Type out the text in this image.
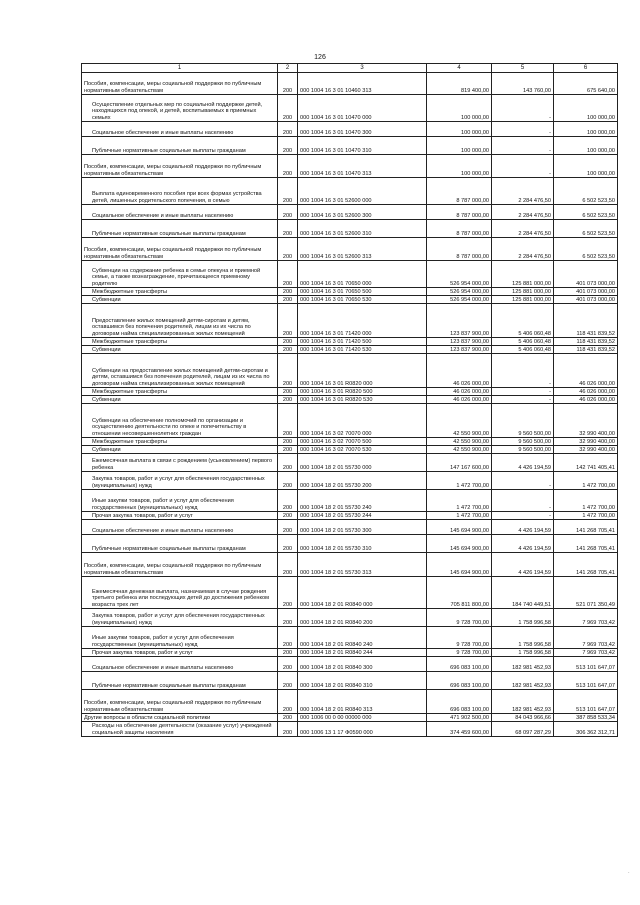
126
1	2	3	4	5	6
Пособия, компенсации, меры социальной поддержки по публичным нормативным обязательствам	200	000 1004 16 3 01 10460 313	819 400,00	143 760,00	675 640,00
Осуществление отдельных мер по социальной поддержке детей, находящихся под опекой, и детей, воспитываемых в приемных семьях	200	000 1004 16 3 01 10470 000	100 000,00	-	100 000,00
Социальное обеспечение и иные выплаты населению	200	000 1004 16 3 01 10470 300	100 000,00	-	100 000,00
Публичные нормативные социальные выплаты гражданам	200	000 1004 16 3 01 10470 310	100 000,00	-	100 000,00
Пособия, компенсации, меры социальной поддержки по публичным нормативным обязательствам	200	000 1004 16 3 01 10470 313	100 000,00	-	100 000,00
Выплата единовременного пособия при всех формах устройства детей, лишенных родительского попечения, в семью	200	000 1004 16 3 01 52600 000	8 787 000,00	2 284 476,50	6 502 523,50
Социальное обеспечение и иные выплаты населению	200	000 1004 16 3 01 52600 300	8 787 000,00	2 284 476,50	6 502 523,50
Публичные нормативные социальные выплаты гражданам	200	000 1004 16 3 01 52600 310	8 787 000,00	2 284 476,50	6 502 523,50
Пособия, компенсации, меры социальной поддержки по публичным нормативным обязательствам	200	000 1004 16 3 01 52600 313	8 787 000,00	2 284 476,50	6 502 523,50
Субвенции на содержание ребенка в семье опекуна и приемной семье, а также вознаграждение, причитающееся приемному родителю	200	000 1004 16 3 01 70650 000	526 954 000,00	125 881 000,00	401 073 000,00
Межбюджетные трансферты	200	000 1004 16 3 01 70650 500	526 954 000,00	125 881 000,00	401 073 000,00
Субвенции	200	000 1004 16 3 01 70650 530	526 954 000,00	125 881 000,00	401 073 000,00
Предоставление жилых помещений детям-сиротам и детям, оставшимся без попечения родителей, лицам из их числа по договорам найма специализированных жилых помещений	200	000 1004 16 3 01 71420 000	123 837 900,00	5 406 060,48	118 431 839,52
Межбюджетные трансферты	200	000 1004 16 3 01 71420 500	123 837 900,00	5 406 060,48	118 431 839,52
Субвенции	200	000 1004 16 3 01 71420 530	123 837 900,00	5 406 060,48	118 431 839,52
Субвенции на предоставление жилых помещений детям-сиротам и детям, оставшимся без попечения родителей, лицам из их числа по договорам найма специализированных жилых помещений	200	000 1004 16 3 01 R0820 000	46 026 000,00	-	46 026 000,00
Межбюджетные трансферты	200	000 1004 16 3 01 R0820 500	46 026 000,00	-	46 026 000,00
Субвенции	200	000 1004 16 3 01 R0820 530	46 026 000,00	-	46 026 000,00
Субвенции на обеспечение полномочий по организации и осуществлению деятельности по опеке и попечительству в отношении несовершеннолетних граждан	200	000 1004 16 3 02 70070 000	42 550 900,00	9 560 500,00	32 990 400,00
Межбюджетные трансферты	200	000 1004 16 3 02 70070 500	42 550 900,00	9 560 500,00	32 990 400,00
Субвенции	200	000 1004 16 3 02 70070 530	42 550 900,00	9 560 500,00	32 990 400,00
Ежемесячная выплата в связи с рождением (усыновлением) первого ребенка	200	000 1004 18 2 01 55730 000	147 167 600,00	4 426 194,59	142 741 405,41
Закупка товаров, работ и услуг для обеспечения государственных (муниципальных) нужд	200	000 1004 18 2 01 55730 200	1 472 700,00	-	1 472 700,00
Иные закупки товаров, работ и услуг для обеспечения государственных (муниципальных) нужд	200	000 1004 18 2 01 55730 240	1 472 700,00	-	1 472 700,00
Прочая закупка товаров, работ и услуг	200	000 1004 18 2 01 55730 244	1 472 700,00	-	1 472 700,00
Социальное обеспечение и иные выплаты населению	200	000 1004 18 2 01 55730 300	145 694 900,00	4 426 194,59	141 268 705,41
Публичные нормативные социальные выплаты гражданам	200	000 1004 18 2 01 55730 310	145 694 900,00	4 426 194,59	141 268 705,41
Пособия, компенсации, меры социальной поддержки по публичным нормативным обязательствам	200	000 1004 18 2 01 55730 313	145 694 900,00	4 426 194,59	141 268 705,41
Ежемесячная денежная выплата, назначаемая в случае рождения третьего ребенка или последующих детей до достижения ребенком возраста трех лет	200	000 1004 18 2 01 R0840 000	705 811 800,00	184 740 449,51	521 071 350,49
Закупка товаров, работ и услуг для обеспечения государственных (муниципальных) нужд	200	000 1004 18 2 01 R0840 200	9 728 700,00	1 758 996,58	7 969 703,42
Иные закупки товаров, работ и услуг для обеспечения государственных (муниципальных) нужд	200	000 1004 18 2 01 R0840 240	9 728 700,00	1 758 996,58	7 969 703,42
Прочая закупка товаров, работ и услуг	200	000 1004 18 2 01 R0840 244	9 728 700,00	1 758 996,58	7 969 703,42
Социальное обеспечение и иные выплаты населению	200	000 1004 18 2 01 R0840 300	696 083 100,00	182 981 452,93	513 101 647,07
Публичные нормативные социальные выплаты гражданам	200	000 1004 18 2 01 R0840 310	696 083 100,00	182 981 452,93	513 101 647,07
Пособия, компенсации, меры социальной поддержки по публичным нормативным обязательствам	200	000 1004 18 2 01 R0840 313	696 083 100,00	182 981 452,93	513 101 647,07
Другие вопросы в области социальной политики	200	000 1006 00 0 00 00000 000	471 902 500,00	84 043 966,66	387 858 533,34
Расходы на обеспечение деятельности (оказание услуг) учреждений социальной защиты населения	200	000 1006 13 1 17 Ф0590 000	374 459 600,00	68 097 287,29	306 362 312,71
·
